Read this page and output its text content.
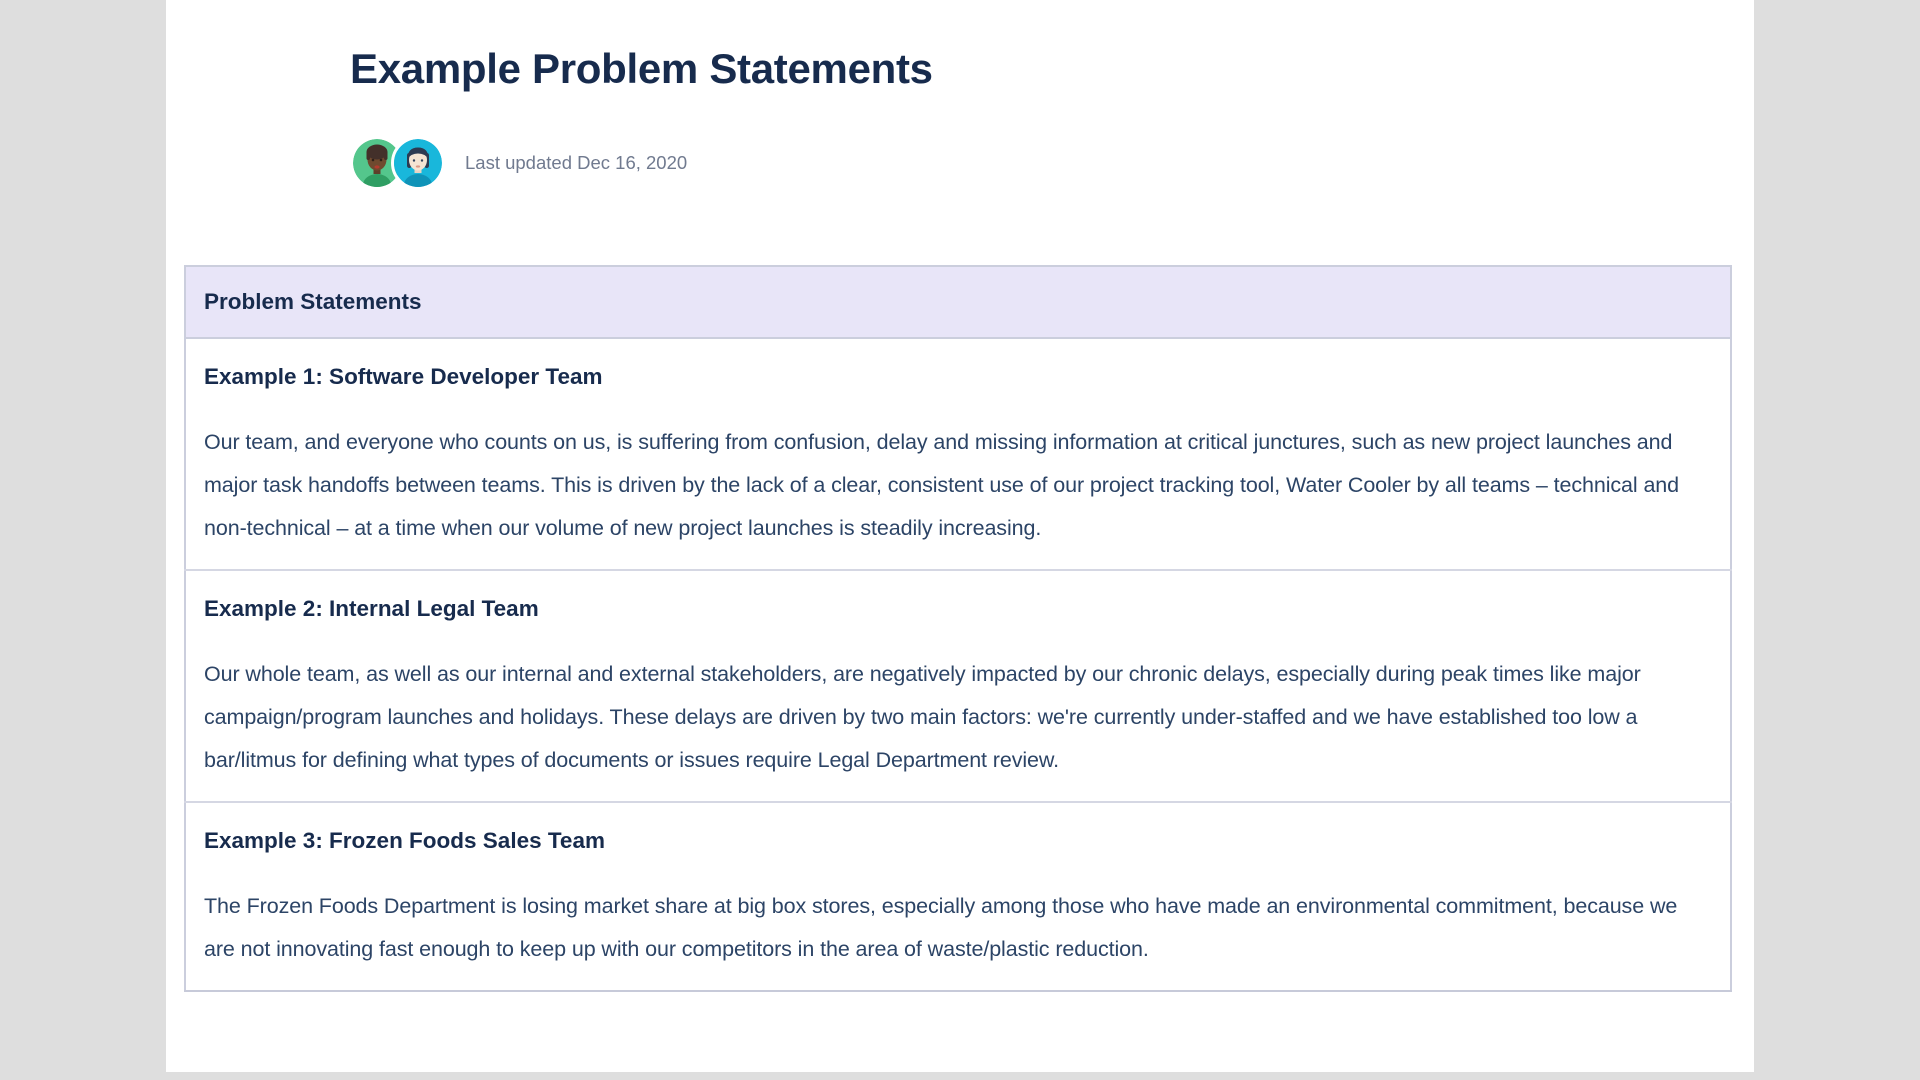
Example Problem Statements
Last updated Dec 16, 2020
Problem Statements

Example 1: Software Developer Team
Our team, and everyone who counts on us, is suffering from confusion, delay and missing information at critical junctures, such as new project launches and major task handoffs between teams. This is driven by the lack of a clear, consistent use of our project tracking tool, Water Cooler by all teams – technical and non-technical – at a time when our volume of new project launches is steadily increasing.

Example 2: Internal Legal Team
Our whole team, as well as our internal and external stakeholders, are negatively impacted by our chronic delays, especially during peak times like major campaign/program launches and holidays. These delays are driven by two main factors: we're currently under-staffed and we have established too low a bar/litmus for defining what types of documents or issues require Legal Department review.

Example 3: Frozen Foods Sales Team
The Frozen Foods Department is losing market share at big box stores, especially among those who have made an environmental commitment, because we are not innovating fast enough to keep up with our competitors in the area of waste/plastic reduction.
